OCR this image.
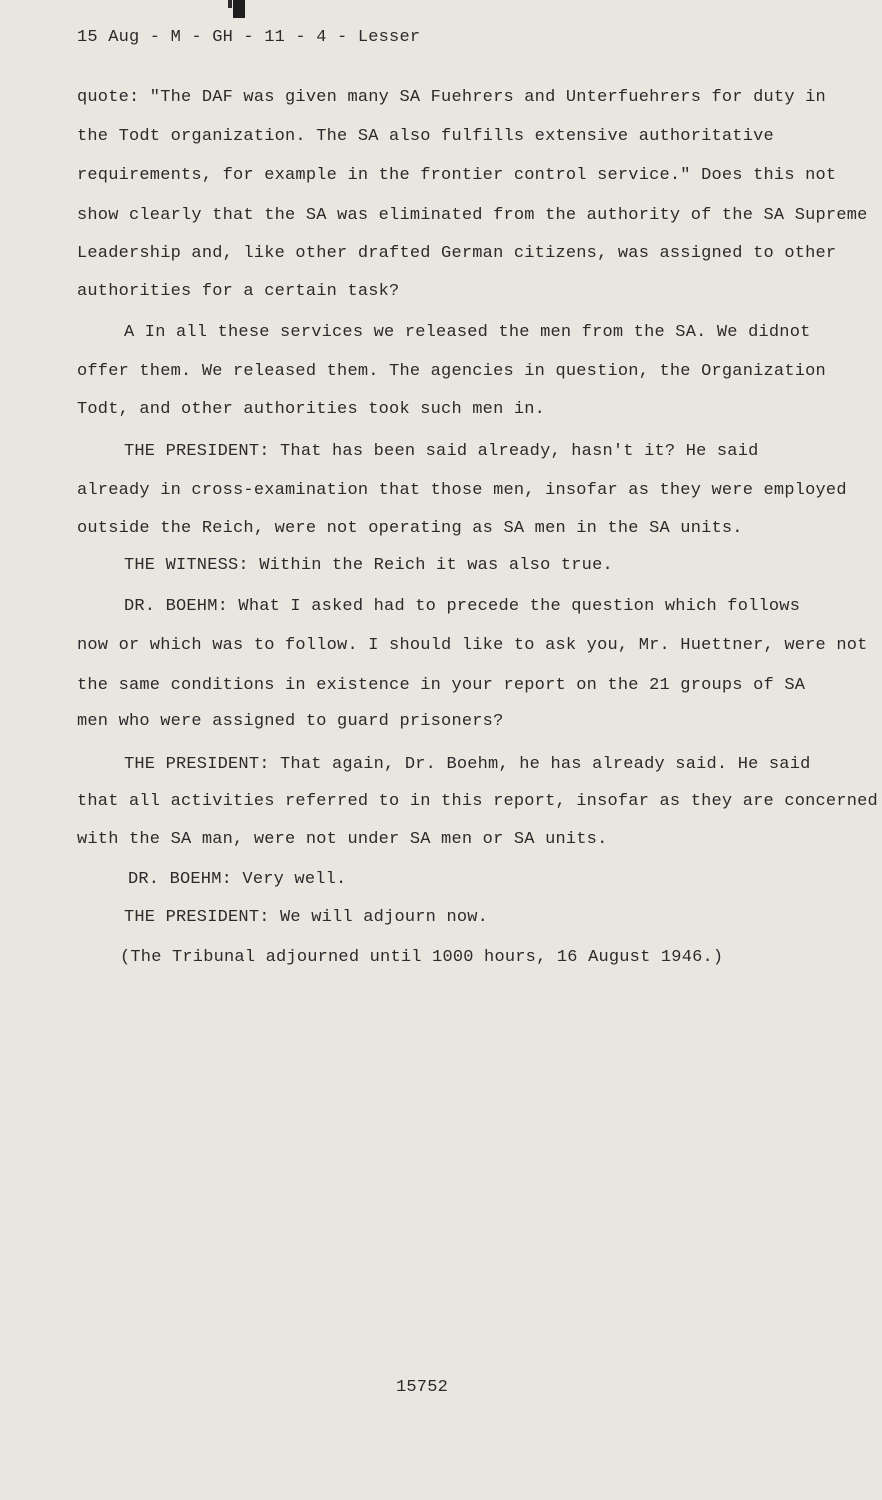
15 Aug - M - GH - 11 - 4 - Lesser
quote: "The DAF was given many SA Fuehrers and Unterfuehrers for duty in
the Todt organization. The SA also fulfills extensive authoritative
requirements, for example in the frontier control service." Does this not
show clearly that the SA was eliminated from the authority of the SA Supreme
Leadership and, like other drafted German citizens, was assigned to other
authorities for a certain task?
A In all these services we released the men from the SA. We didnot
offer them. We released them. The agencies in question, the Organization
Todt, and other authorities took such men in.
THE PRESIDENT: That has been said already, hasn't it? He said
already in cross-examination that those men, insofar as they were employed
outside the Reich, were not operating as SA men in the SA units.
THE WITNESS: Within the Reich it was also true.
DR. BOEHM: What I asked had to precede the question which follows
now or which was to follow. I should like to ask you, Mr. Huettner, were not
the same conditions in existence in your report on the 21 groups of SA
men who were assigned to guard prisoners?
THE PRESIDENT: That again, Dr. Boehm, he has already said. He said
that all activities referred to in this report, insofar as they are concerned
with the SA man, were not under SA men or SA units.
DR. BOEHM: Very well.
THE PRESIDENT: We will adjourn now.
(The Tribunal adjourned until 1000 hours, 16 August 1946.)
15752
